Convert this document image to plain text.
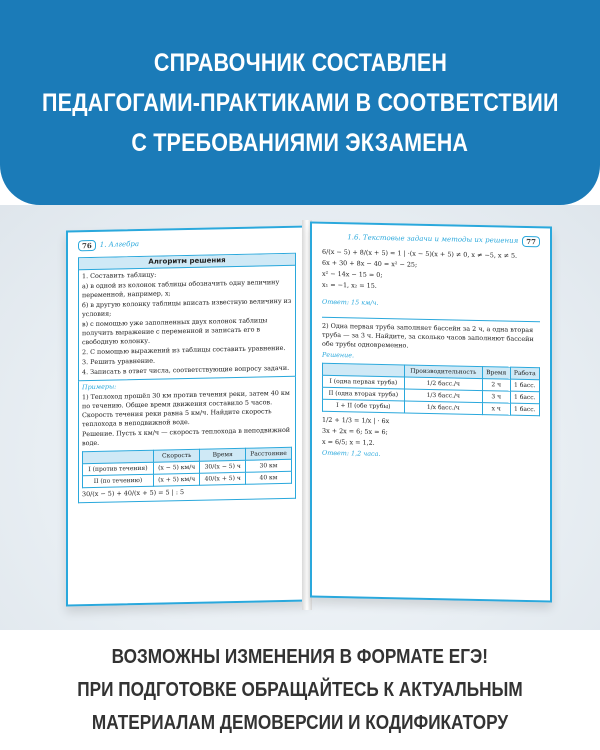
СПРАВОЧНИК СОСТАВЛЕН
ПЕДАГОГАМИ-ПРАКТИКАМИ В СООТВЕТСТВИИ
С ТРЕБОВАНИЯМИ ЭКЗАМЕНА
76	1. Алгебра
Алгоритм решения
1. Составить таблицу:
а) в одной из колонок таблицы обозначить одну величину переменной, например, x;
б) в другую колонку таблицы вписать известную величину из условия;
в) с помощью уже заполненных двух колонок таблицы получить выражение с переменной и записать его в свободную колонку.
2. С помощью выражений из таблицы составить уравнение.
3. Решить уравнение.
4. Записать в ответ числа, соответствующие вопросу задачи.
Примеры:
1) Теплоход прошёл 30 км против течения реки, затем 40 км по течению. Общее время движения составило 5 часов. Скорость течения реки равна 5 км/ч. Найдите скорость теплохода в неподвижной воде.
Решение. Пусть x км/ч — скорость теплохода в неподвижной воде.
	Скорость	Время	Расстояние
I (против течения)	(x − 5) км/ч	30/(x − 5) ч	30 км
II (по течению)	(x + 5) км/ч	40/(x + 5) ч	40 км
30/(x − 5) + 40/(x + 5) = 5 | : 5
1.6. Текстовые задачи и методы их решения	77
6/(x − 5) + 8/(x + 5) = 1 | ·(x − 5)(x + 5) ≠ 0, x ≠ −5, x ≠ 5.
6x + 30 + 8x − 40 = x² − 25;
x² − 14x − 15 = 0;
x₁ = −1, x₂ = 15.
Ответ: 15 км/ч.
2) Одна первая труба заполняет бассейн за 2 ч, а одна вторая труба — за 3 ч. Найдите, за сколько часов заполняют бассейн обе трубы одновременно.
Решение.
	Производительность	Время	Работа
I (одна первая труба)	1/2 басс./ч	2 ч	1 басс.
II (одна вторая труба)	1/3 басс./ч	3 ч	1 басс.
I + II (обе трубы)	1/x басс./ч	x ч	1 басс.
1/2 + 1/3 = 1/x | · 6x
3x + 2x = 6; 5x = 6;
x = 6/5; x = 1,2.
Ответ: 1,2 часа.
ВОЗМОЖНЫ ИЗМЕНЕНИЯ В ФОРМАТЕ ЕГЭ!
ПРИ ПОДГОТОВКЕ ОБРАЩАЙТЕСЬ К АКТУАЛЬНЫМ
МАТЕРИАЛАМ ДЕМОВЕРСИИ И КОДИФИКАТОРУ
